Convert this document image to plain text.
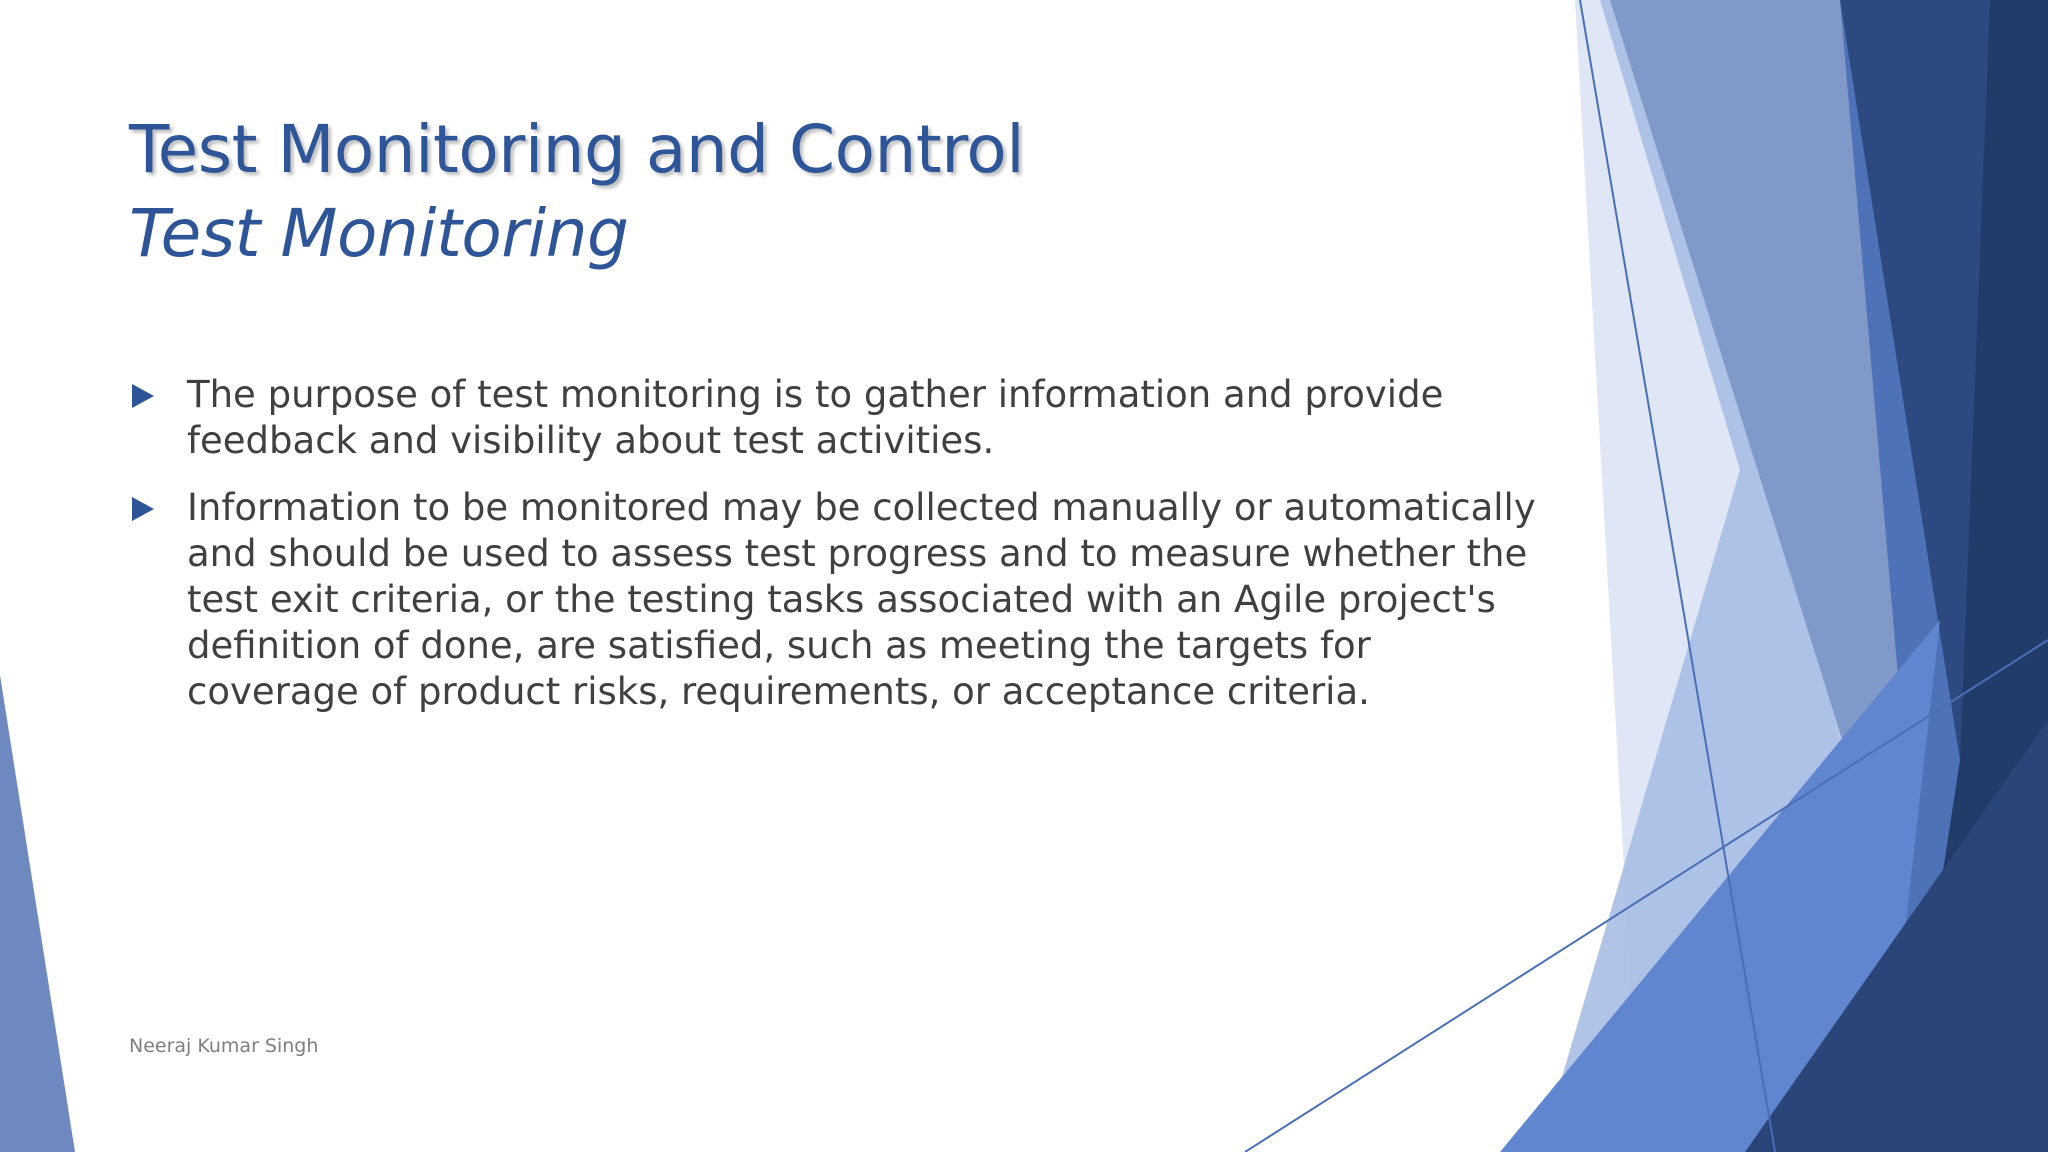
Test Monitoring and Control
Test Monitoring
The purpose of test monitoring is to gather information and provide feedback and visibility about test activities.
Information to be monitored may be collected manually or automatically and should be used to assess test progress and to measure whether the test exit criteria, or the testing tasks associated with an Agile project's definition of done, are satisfied, such as meeting the targets for coverage of product risks, requirements, or acceptance criteria.
Neeraj Kumar Singh
